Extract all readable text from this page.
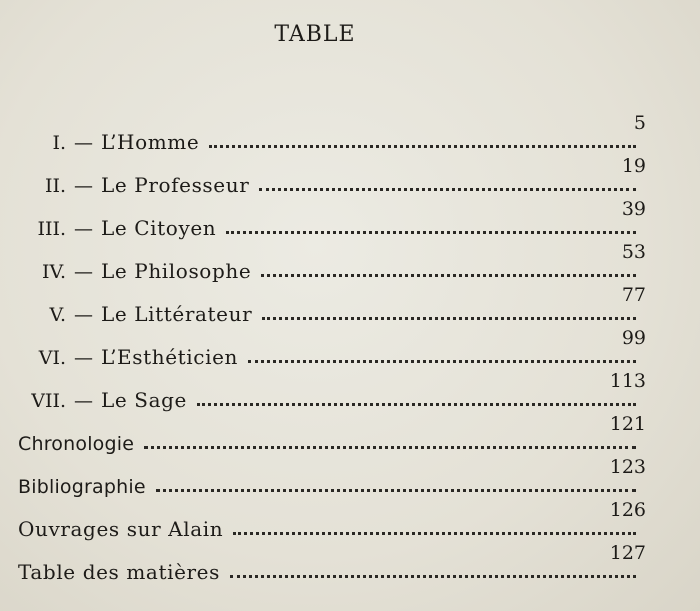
TABLE
I. — L’Homme
5
II. — Le Professeur
19
III. — Le Citoyen
39
IV. — Le Philosophe
53
V. — Le Littérateur
77
VI. — L’Esthéticien
99
VII. — Le Sage
113
Chronologie
121
Bibliographie
123
Ouvrages sur Alain
126
Table des matières
127
